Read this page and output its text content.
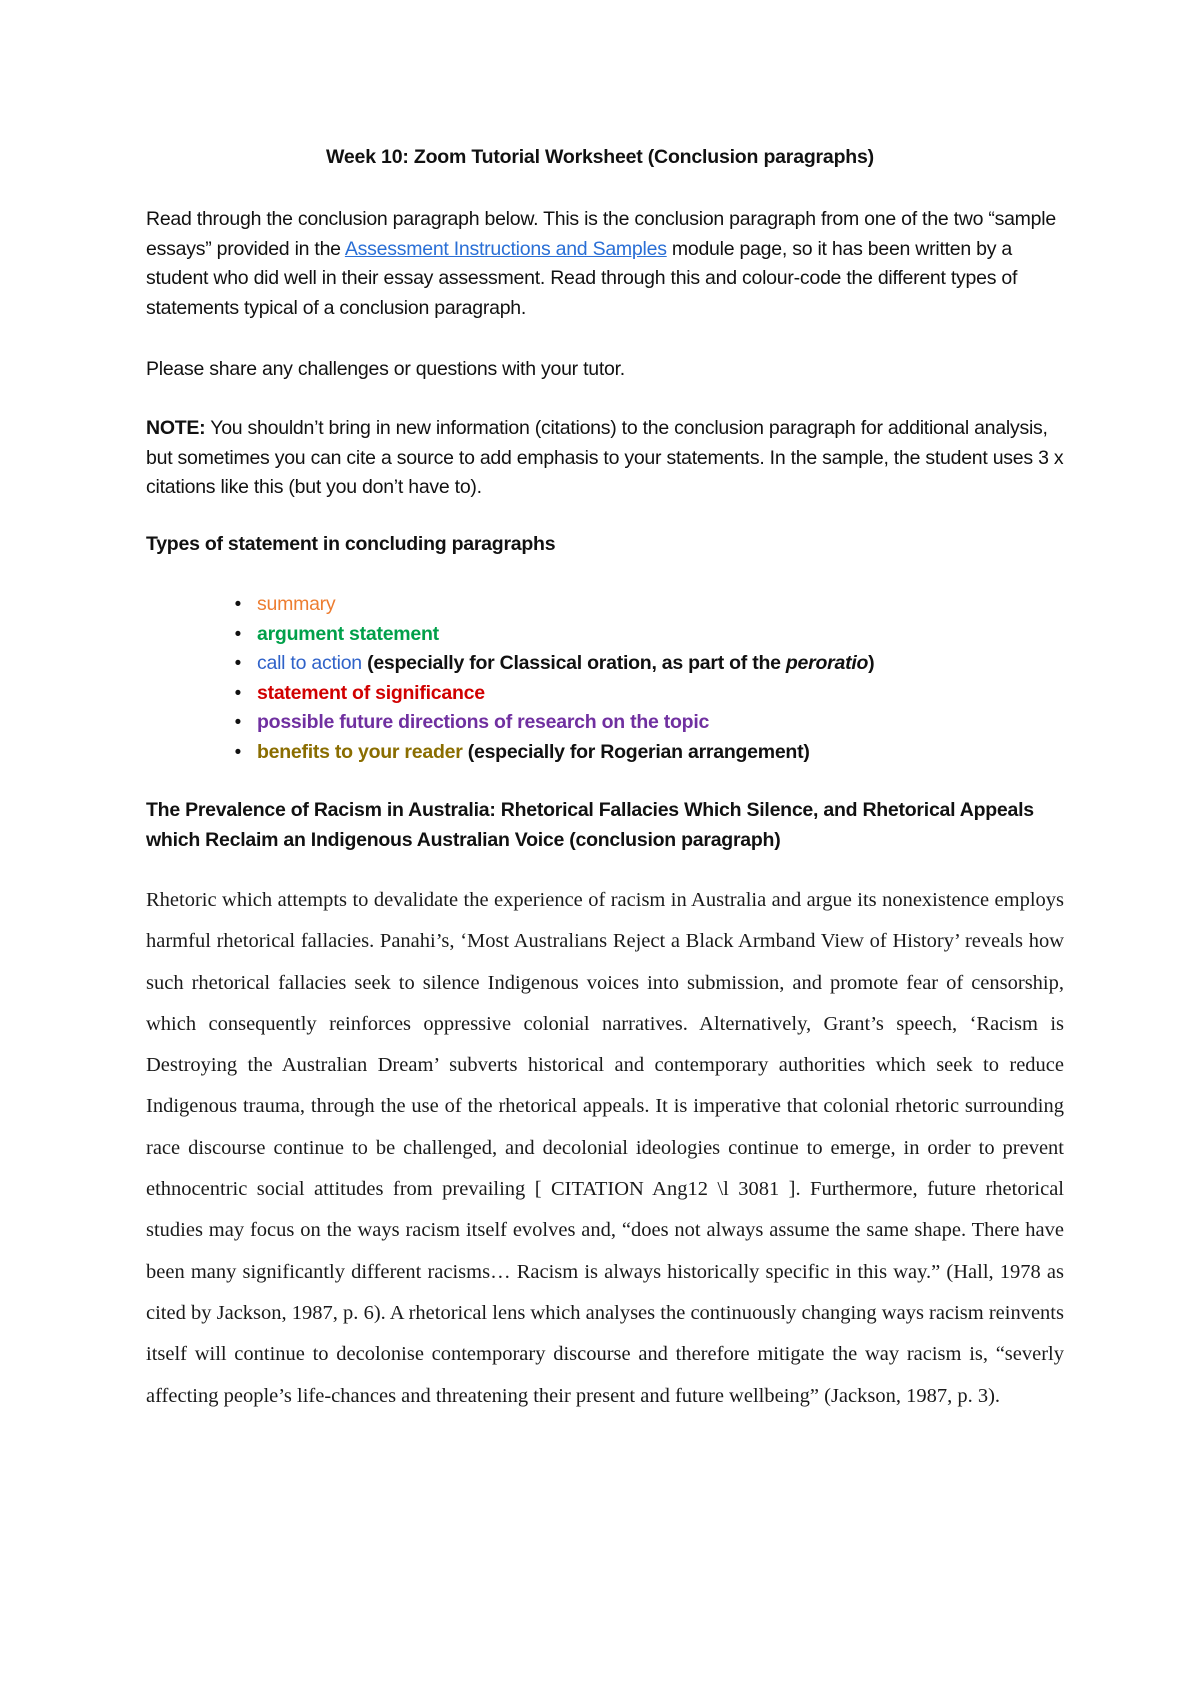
Week 10: Zoom Tutorial Worksheet (Conclusion paragraphs)

Read through the conclusion paragraph below. This is the conclusion paragraph from one of the two “sample essays” provided in the Assessment Instructions and Samples module page, so it has been written by a student who did well in their essay assessment. Read through this and colour-code the different types of statements typical of a conclusion paragraph.

Please share any challenges or questions with your tutor.

NOTE: You shouldn’t bring in new information (citations) to the conclusion paragraph for additional analysis, but sometimes you can cite a source to add emphasis to your statements. In the sample, the student uses 3 x citations like this (but you don’t have to).

Types of statement in concluding paragraphs

summary
argument statement
call to action (especially for Classical oration, as part of the peroratio)
statement of significance
possible future directions of research on the topic
benefits to your reader (especially for Rogerian arrangement)

The Prevalence of Racism in Australia: Rhetorical Fallacies Which Silence, and Rhetorical Appeals which Reclaim an Indigenous Australian Voice (conclusion paragraph)

Rhetoric which attempts to devalidate the experience of racism in Australia and argue its nonexistence employs harmful rhetorical fallacies. Panahi’s, ‘Most Australians Reject a Black Armband View of History’ reveals how such rhetorical fallacies seek to silence Indigenous voices into submission, and promote fear of censorship, which consequently reinforces oppressive colonial narratives. Alternatively, Grant’s speech, ‘Racism is Destroying the Australian Dream’ subverts historical and contemporary authorities which seek to reduce Indigenous trauma, through the use of the rhetorical appeals. It is imperative that colonial rhetoric surrounding race discourse continue to be challenged, and decolonial ideologies continue to emerge, in order to prevent ethnocentric social attitudes from prevailing [ CITATION Ang12 \l 3081 ]. Furthermore, future rhetorical studies may focus on the ways racism itself evolves and, “does not always assume the same shape. There have been many significantly different racisms… Racism is always historically specific in this way.” (Hall, 1978 as cited by Jackson, 1987, p. 6). A rhetorical lens which analyses the continuously changing ways racism reinvents itself will continue to decolonise contemporary discourse and therefore mitigate the way racism is, “severly affecting people’s life-chances and threatening their present and future wellbeing” (Jackson, 1987, p. 3).
